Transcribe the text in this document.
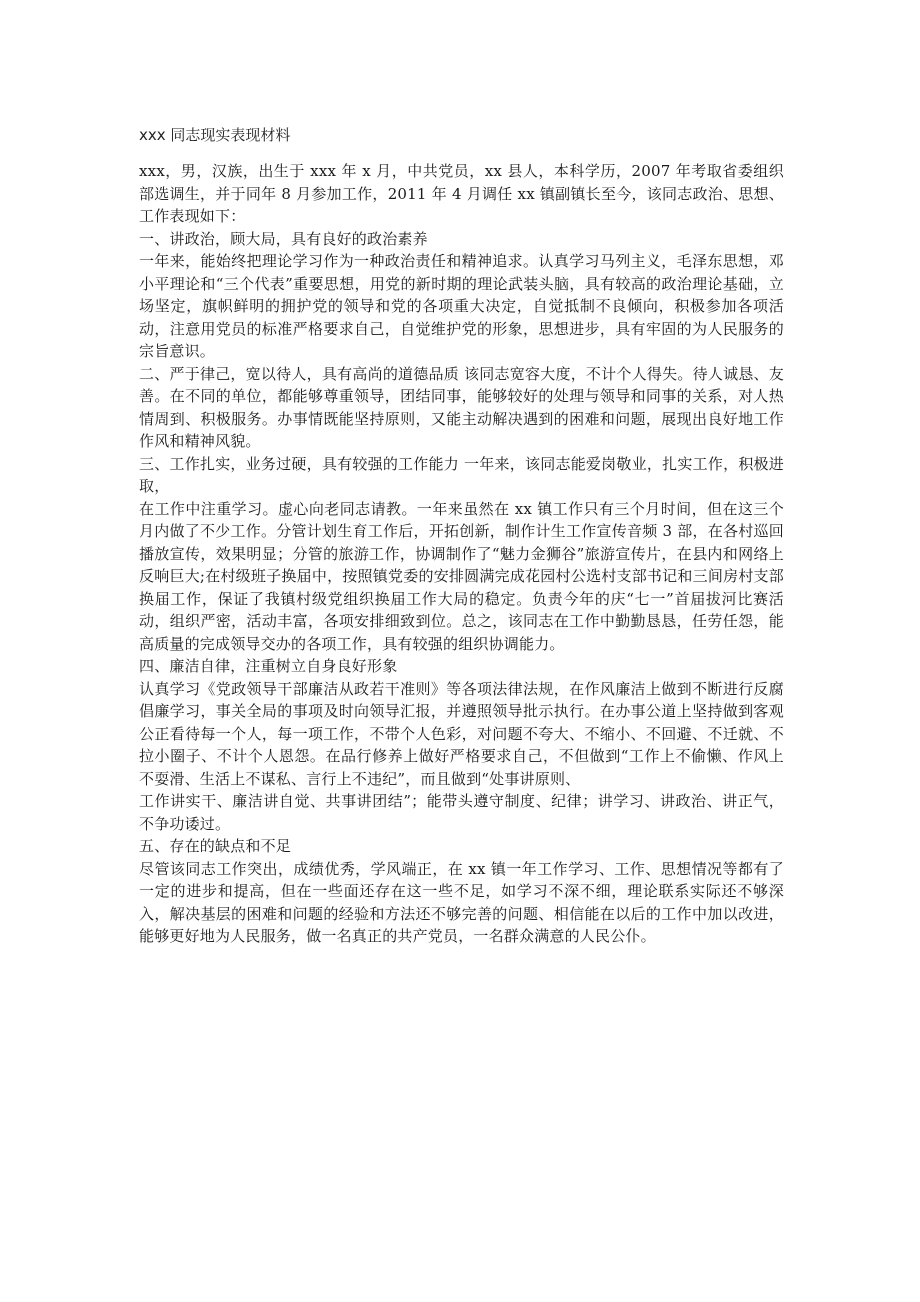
xxx 同志现实表现材料

xxx，男，汉族，出生于 xxx 年 x 月，中共党员，xx 县人，本科学历，2007 年考取省委组织部选调生，并于同年 8 月参加工作，2011 年 4 月调任 xx 镇副镇长至今，该同志政治、思想、工作表现如下：

一、讲政治，顾大局，具有良好的政治素养

一年来，能始终把理论学习作为一种政治责任和精神追求。认真学习马列主义，毛泽东思想，邓小平理论和“三个代表”重要思想，用党的新时期的理论武装头脑，具有较高的政治理论基础，立场坚定，旗帜鲜明的拥护党的领导和党的各项重大决定，自觉抵制不良倾向，积极参加各项活动，注意用党员的标准严格要求自己，自觉维护党的形象，思想进步，具有牢固的为人民服务的宗旨意识。

二、严于律己，宽以待人，具有高尚的道德品质 该同志宽容大度，不计个人得失。待人诚恳、友善。在不同的单位，都能够尊重领导，团结同事，能够较好的处理与领导和同事的关系，对人热情周到、积极服务。办事情既能坚持原则，又能主动解决遇到的困难和问题，展现出良好地工作作风和精神风貌。

三、工作扎实，业务过硬，具有较强的工作能力 一年来，该同志能爱岗敬业，扎实工作，积极进取，

在工作中注重学习。虚心向老同志请教。一年来虽然在 xx 镇工作只有三个月时间，但在这三个月内做了不少工作。分管计划生育工作后，开拓创新，制作计生工作宣传音频 3 部，在各村巡回播放宣传，效果明显；分管的旅游工作，协调制作了“魅力金狮谷”旅游宣传片，在县内和网络上反响巨大;在村级班子换届中，按照镇党委的安排圆满完成花园村公选村支部书记和三间房村支部换届工作，保证了我镇村级党组织换届工作大局的稳定。负责今年的庆“七一”首届拔河比赛活动，组织严密，活动丰富，各项安排细致到位。总之，该同志在工作中勤勤恳恳，任劳任怨，能高质量的完成领导交办的各项工作，具有较强的组织协调能力。

四、廉洁自律，注重树立自身良好形象

认真学习《党政领导干部廉洁从政若干准则》等各项法律法规，在作风廉洁上做到不断进行反腐倡廉学习，事关全局的事项及时向领导汇报，并遵照领导批示执行。在办事公道上坚持做到客观公正看待每一个人，每一项工作，不带个人色彩，对问题不夸大、不缩小、不回避、不迁就、不拉小圈子、不计个人恩怨。在品行修养上做好严格要求自己，不但做到“工作上不偷懒、作风上不耍滑、生活上不谋私、言行上不违纪”，而且做到“处事讲原则、

工作讲实干、廉洁讲自觉、共事讲团结”；能带头遵守制度、纪律；讲学习、讲政治、讲正气，不争功诿过。

五、存在的缺点和不足

尽管该同志工作突出，成绩优秀，学风端正，在 xx 镇一年工作学习、工作、思想情况等都有了一定的进步和提高，但在一些面还存在这一些不足，如学习不深不细，理论联系实际还不够深入，解决基层的困难和问题的经验和方法还不够完善的问题、相信能在以后的工作中加以改进，能够更好地为人民服务，做一名真正的共产党员，一名群众满意的人民公仆。
